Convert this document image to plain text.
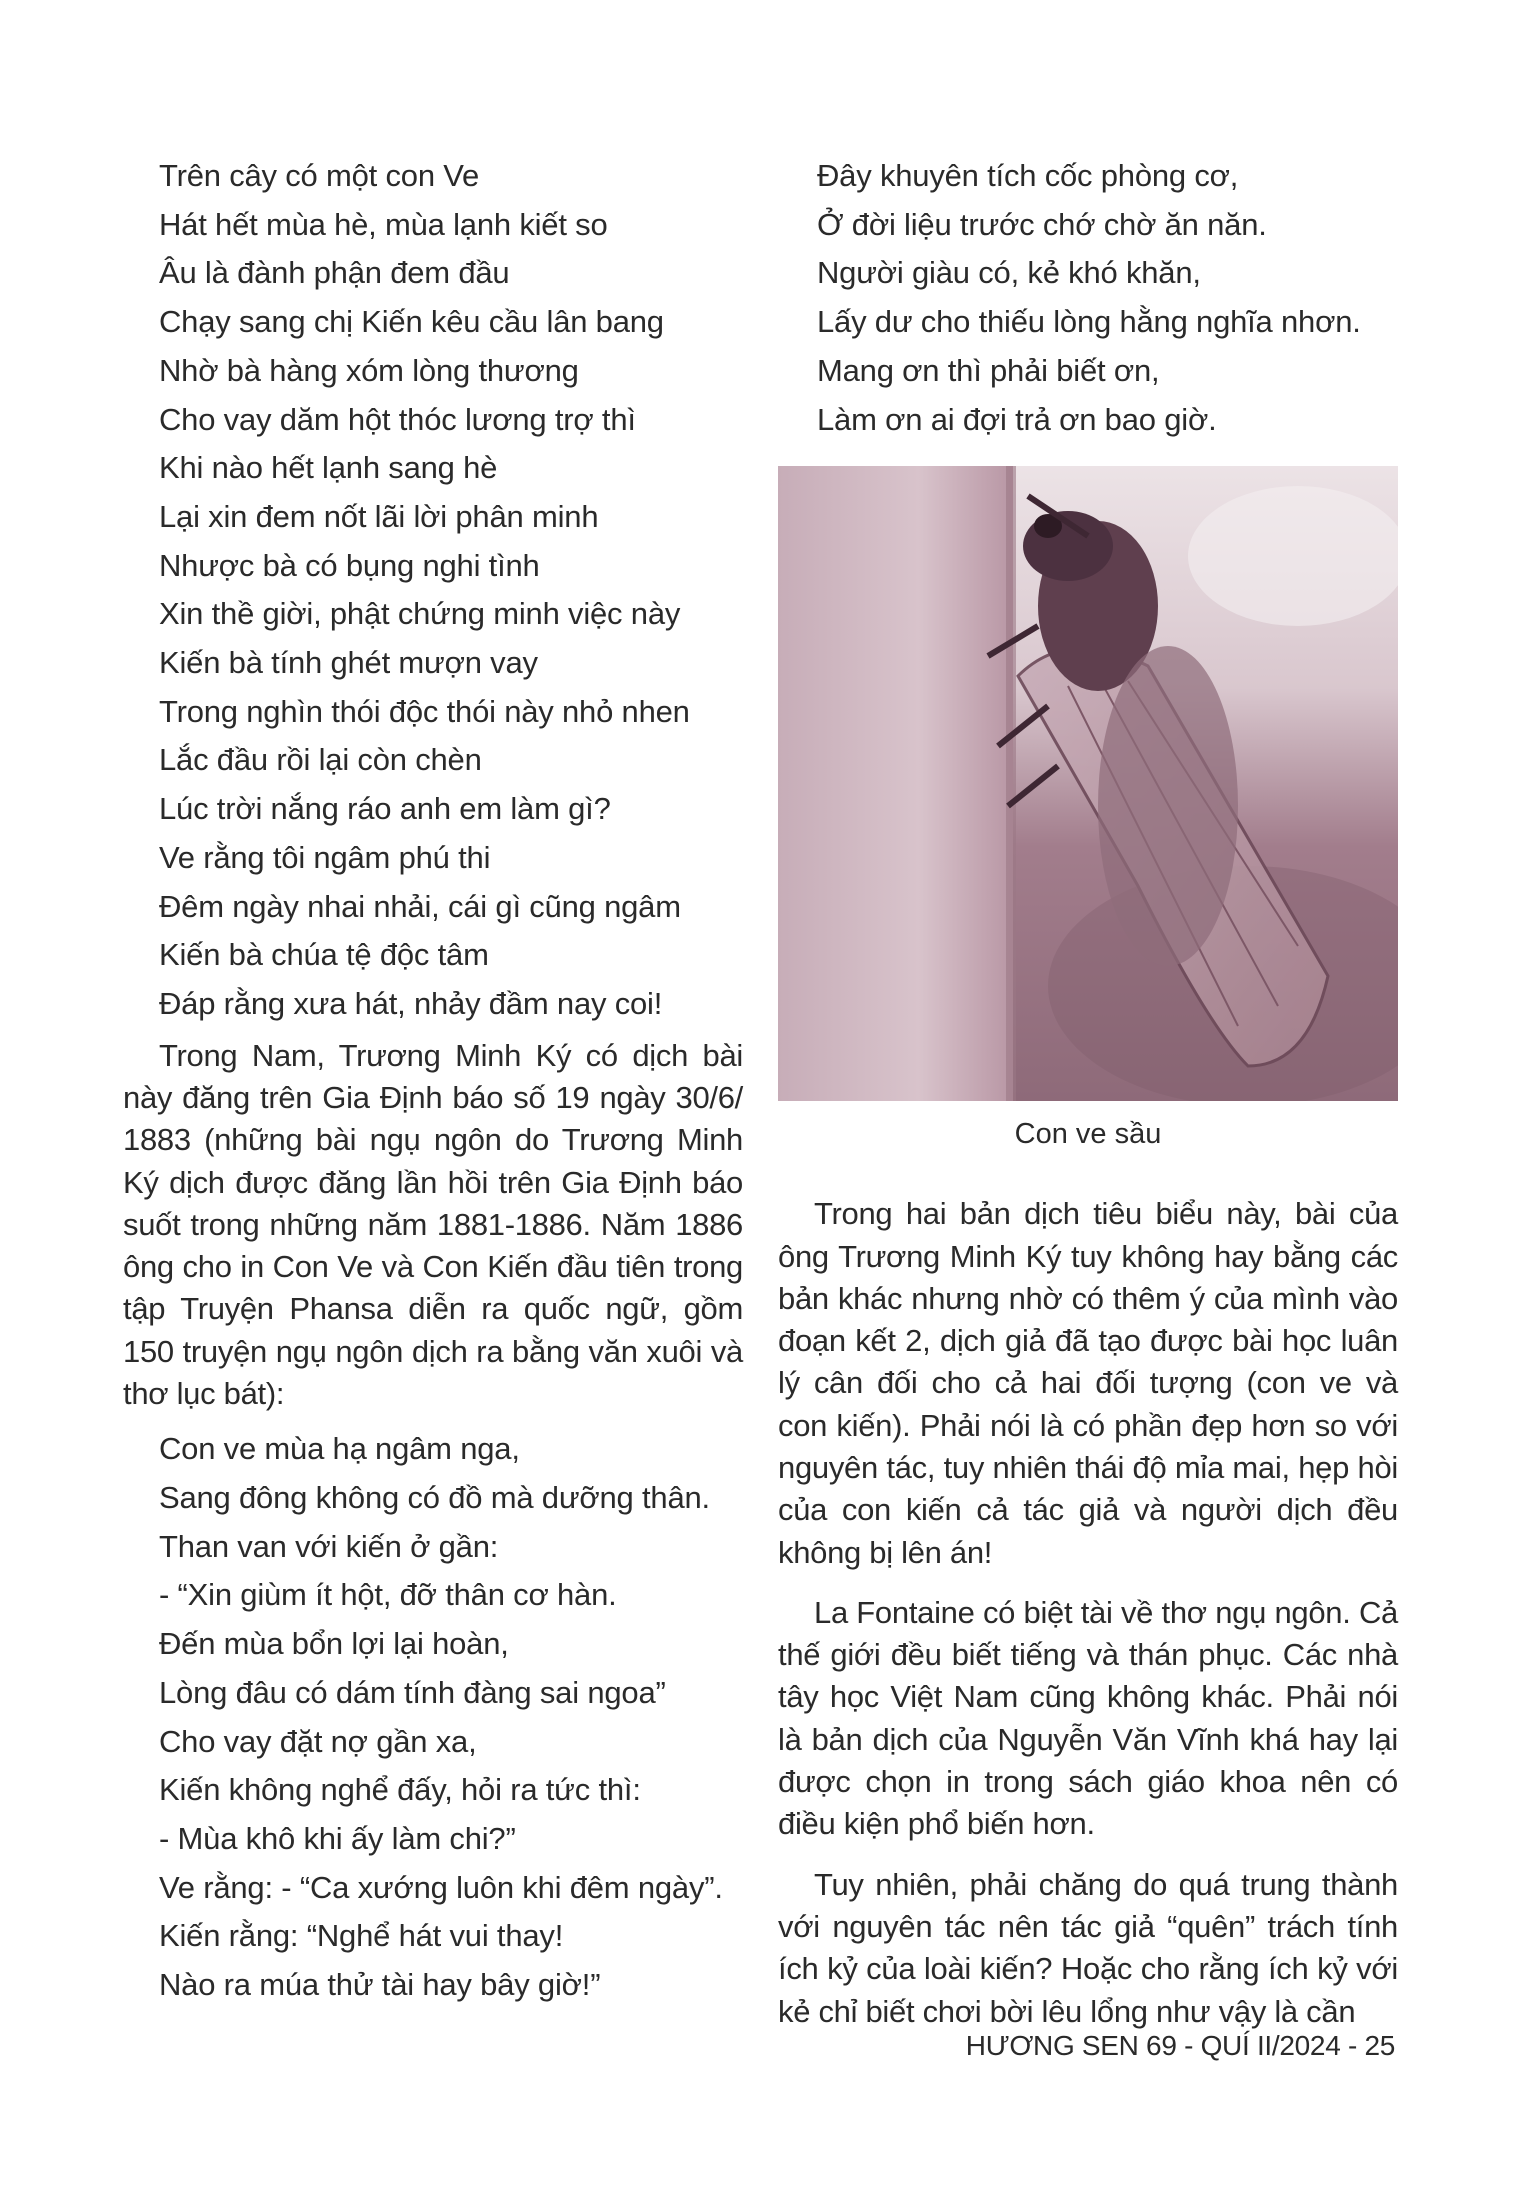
Trên cây có một con Ve
Hát hết mùa hè, mùa lạnh kiết so
Âu là đành phận đem đầu
Chạy sang chị Kiến kêu cầu lân bang
Nhờ bà hàng xóm lòng thương
Cho vay dăm hột thóc lương trợ thì
Khi nào hết lạnh sang hè
Lại xin đem nốt lãi lời phân minh
Nhược bà có bụng nghi tình
Xin thề giời, phật chứng minh việc này
Kiến bà tính ghét mượn vay
Trong nghìn thói độc thói này nhỏ nhen
Lắc đầu rồi lại còn chèn
Lúc trời nắng ráo anh em làm gì?
Ve rằng tôi ngâm phú thi
Đêm ngày nhai nhải, cái gì cũng ngâm
Kiến bà chúa tệ độc tâm
Đáp rằng xưa hát, nhảy đầm nay coi!

Trong Nam, Trương Minh Ký có dịch bài này đăng trên Gia Định báo số 19 ngày 30/6/ 1883 (những bài ngụ ngôn do Trương Minh Ký dịch được đăng lần hồi trên Gia Định báo suốt trong những năm 1881-1886. Năm 1886 ông cho in Con Ve và Con Kiến đầu tiên trong tập Truyện Phansa diễn ra quốc ngữ, gồm 150 truyện ngụ ngôn dịch ra bằng văn xuôi và thơ lục bát):

Con ve mùa hạ ngâm nga,
Sang đông không có đồ mà dưỡng thân.
Than van với kiến ở gần:
- “Xin giùm ít hột, đỡ thân cơ hàn.
Đến mùa bổn lợi lại hoàn,
Lòng đâu có dám tính đàng sai ngoa”
Cho vay đặt nợ gần xa,
Kiến không nghể đấy, hỏi ra tức thì:
- Mùa khô khi ấy làm chi?”
Ve rằng: - “Ca xướng luôn khi đêm ngày”.
Kiến rằng: “Nghể hát vui thay!
Nào ra múa thử tài hay bây giờ!”
Đây khuyên tích cốc phòng cơ,
Ở đời liệu trước chớ chờ ăn năn.
Người giàu có, kẻ khó khăn,
Lấy dư cho thiếu lòng hằng nghĩa nhơn.
Mang ơn thì phải biết ơn,
Làm ơn ai đợi trả ơn bao giờ.
Con ve sầu

Trong hai bản dịch tiêu biểu này, bài của ông Trương Minh Ký tuy không hay bằng các bản khác nhưng nhờ có thêm ý của mình vào đoạn kết 2, dịch giả đã tạo được bài học luân lý cân đối cho cả hai đối tượng (con ve và con kiến). Phải nói là có phần đẹp hơn so với nguyên tác, tuy nhiên thái độ mỉa mai, hẹp hòi của con kiến cả tác giả và người dịch đều không bị lên án!

La Fontaine có biệt tài về thơ ngụ ngôn. Cả thế giới đều biết tiếng và thán phục. Các nhà tây học Việt Nam cũng không khác. Phải nói là bản dịch của Nguyễn Văn Vĩnh khá hay lại được chọn in trong sách giáo khoa nên có điều kiện phổ biến hơn.

Tuy nhiên, phải chăng do quá trung thành với nguyên tác nên tác giả “quên” trách tính ích kỷ của loài kiến? Hoặc cho rằng ích kỷ với kẻ chỉ biết chơi bời lêu lổng như vậy là cần

HƯƠNG SEN 69 - QUÍ II/2024 - 25
